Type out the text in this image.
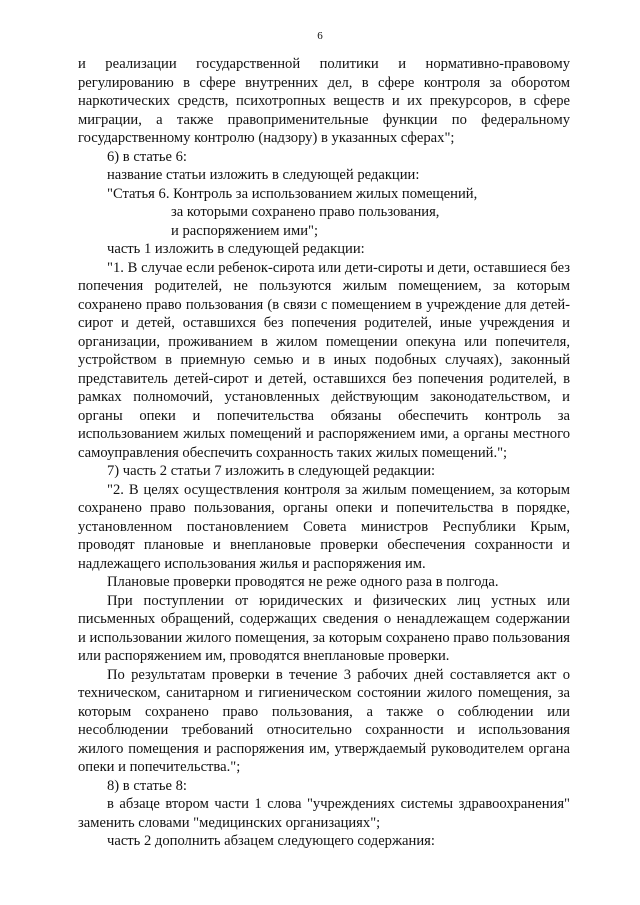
6

и реализации государственной политики и нормативно-правовому регулированию в сфере внутренних дел, в сфере контроля за оборотом наркотических средств, психотропных веществ и их прекурсоров, в сфере миграции, а также правоприменительные функции по федеральному государственному контролю (надзору) в указанных сферах";

6) в статье 6:

название статьи изложить в следующей редакции:

"Статья 6. Контроль за использованием жилых помещений,

за которыми сохранено право пользования,

и распоряжением ими";

часть 1 изложить в следующей редакции:

"1. В случае если ребенок-сирота или дети-сироты и дети, оставшиеся без попечения родителей, не пользуются жилым помещением, за которым сохранено право пользования (в связи с помещением в учреждение для детей-сирот и детей, оставшихся без попечения родителей, иные учреждения и организации, проживанием в жилом помещении опекуна или попечителя, устройством в приемную семью и в иных подобных случаях), законный представитель детей-сирот и детей, оставшихся без попечения родителей, в рамках полномочий, установленных действующим законодательством, и органы опеки и попечительства обязаны обеспечить контроль за использованием жилых помещений и распоряжением ими, а органы местного самоуправления обеспечить сохранность таких жилых помещений.";

7) часть 2 статьи 7 изложить в следующей редакции:

"2. В целях осуществления контроля за жилым помещением, за которым сохранено право пользования, органы опеки и попечительства в порядке, установленном постановлением Совета министров Республики Крым, проводят плановые и внеплановые проверки обеспечения сохранности и надлежащего использования жилья и распоряжения им.

Плановые проверки проводятся не реже одного раза в полгода.

При поступлении от юридических и физических лиц устных или письменных обращений, содержащих сведения о ненадлежащем содержании и использовании жилого помещения, за которым сохранено право пользования или распоряжением им, проводятся внеплановые проверки.

По результатам проверки в течение 3 рабочих дней составляется акт о техническом, санитарном и гигиеническом состоянии жилого помещения, за которым сохранено право пользования, а также о соблюдении или несоблюдении требований относительно сохранности и использования жилого помещения и распоряжения им, утверждаемый руководителем органа опеки и попечительства.";

8) в статье 8:

в абзаце втором части 1 слова "учреждениях системы здравоохранения" заменить словами "медицинских организациях";

часть 2 дополнить абзацем следующего содержания:
